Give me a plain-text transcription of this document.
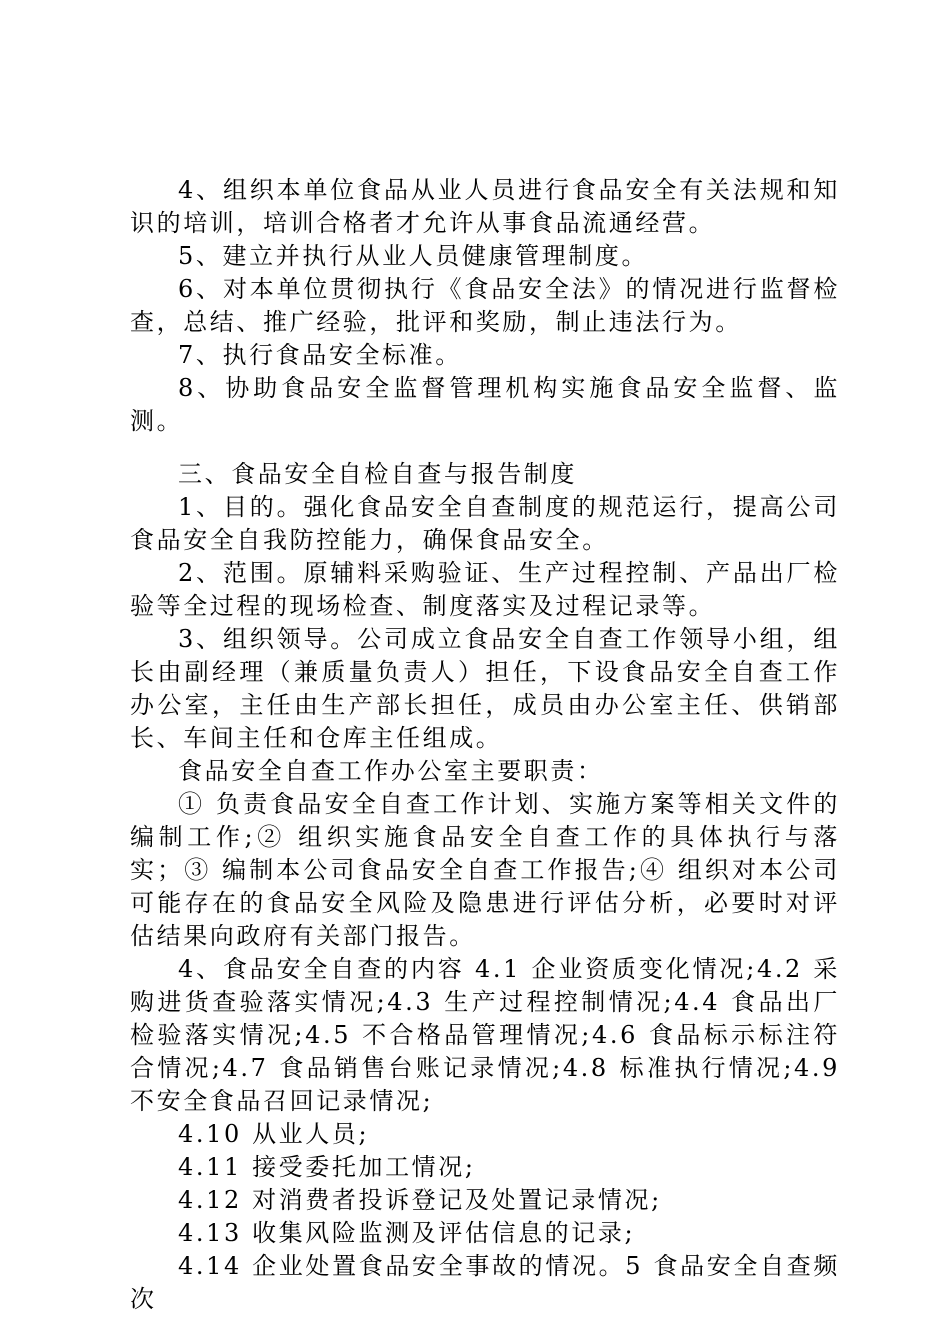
4、组织本单位食品从业人员进行食品安全有关法规和知识的培训，培训合格者才允许从事食品流通经营。

5、建立并执行从业人员健康管理制度。

6、对本单位贯彻执行《食品安全法》的情况进行监督检查，总结、推广经验，批评和奖励，制止违法行为。

7、执行食品安全标准。

8、协助食品安全监督管理机构实施食品安全监督、监测。

三、食品安全自检自查与报告制度

1、目的。强化食品安全自查制度的规范运行，提高公司食品安全自我防控能力，确保食品安全。

2、范围。原辅料采购验证、生产过程控制、产品出厂检验等全过程的现场检查、制度落实及过程记录等。

3、组织领导。公司成立食品安全自查工作领导小组，组长由副经理（兼质量负责人）担任，下设食品安全自查工作办公室，主任由生产部长担任，成员由办公室主任、供销部长、车间主任和仓库主任组成。

食品安全自查工作办公室主要职责：

① 负责食品安全自查工作计划、实施方案等相关文件的编制工作;② 组织实施食品安全自查工作的具体执行与落实；③ 编制本公司食品安全自查工作报告;④ 组织对本公司可能存在的食品安全风险及隐患进行评估分析，必要时对评估结果向政府有关部门报告。

4、食品安全自查的内容 4.1 企业资质变化情况;4.2 采购进货查验落实情况;4.3 生产过程控制情况;4.4 食品出厂检验落实情况;4.5 不合格品管理情况;4.6 食品标示标注符合情况;4.7 食品销售台账记录情况;4.8 标准执行情况;4.9 不安全食品召回记录情况;

4.10 从业人员;

4.11 接受委托加工情况;

4.12 对消费者投诉登记及处置记录情况;

4.13 收集风险监测及评估信息的记录;

4.14 企业处置食品安全事故的情况。5 食品安全自查频次
